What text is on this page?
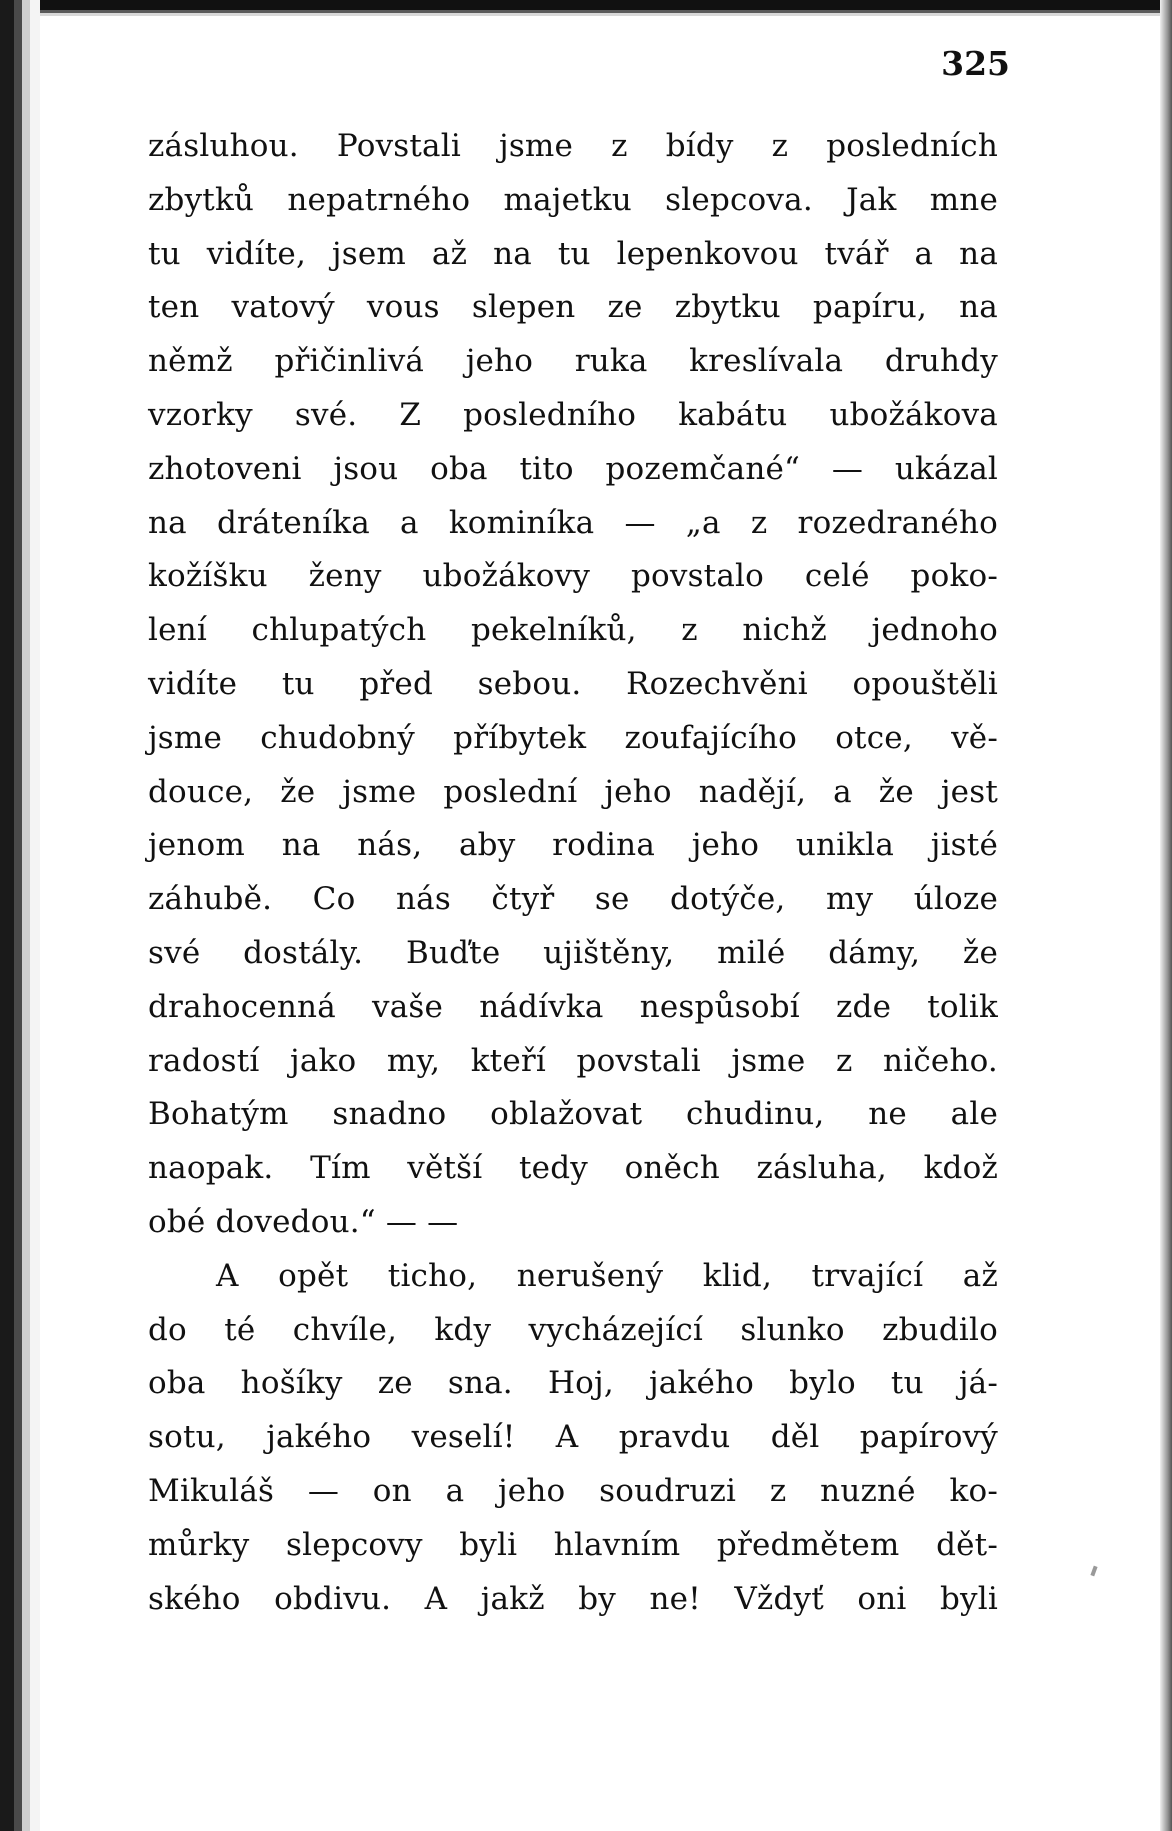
325
zásluhou. Povstali jsme z bídy z posledních
zbytků nepatrného majetku slepcova. Jak mne
tu vidíte, jsem až na tu lepenkovou tvář a na
ten vatový vous slepen ze zbytku papíru, na
němž přičinlivá jeho ruka kreslívala druhdy
vzorky své. Z posledního kabátu ubožákova
zhotoveni jsou oba tito pozemčané“ — ukázal
na dráteníka a kominíka — „a z rozedraného
kožíšku ženy ubožákovy povstalo celé poko-
lení chlupatých pekelníků, z nichž jednoho
vidíte tu před sebou. Rozechvěni opouštěli
jsme chudobný příbytek zoufajícího otce, vě-
douce, že jsme poslední jeho nadějí, a že jest
jenom na nás, aby rodina jeho unikla jisté
záhubě. Co nás čtyř se dotýče, my úloze
své dostály. Buďte ujištěny, milé dámy, že
drahocenná vaše nádívka nespůsobí zde tolik
radostí jako my, kteří povstali jsme z ničeho.
Bohatým snadno oblažovat chudinu, ne ale
naopak. Tím větší tedy oněch zásluha, kdož
obé dovedou.“ — —
A opět ticho, nerušený klid, trvající až
do té chvíle, kdy vycházející slunko zbudilo
oba hošíky ze sna. Hoj, jakého bylo tu já-
sotu, jakého veselí! A pravdu děl papírový
Mikuláš — on a jeho soudruzi z nuzné ko-
můrky slepcovy byli hlavním předmětem dět-
ského obdivu. A jakž by ne! Vždyť oni byli
